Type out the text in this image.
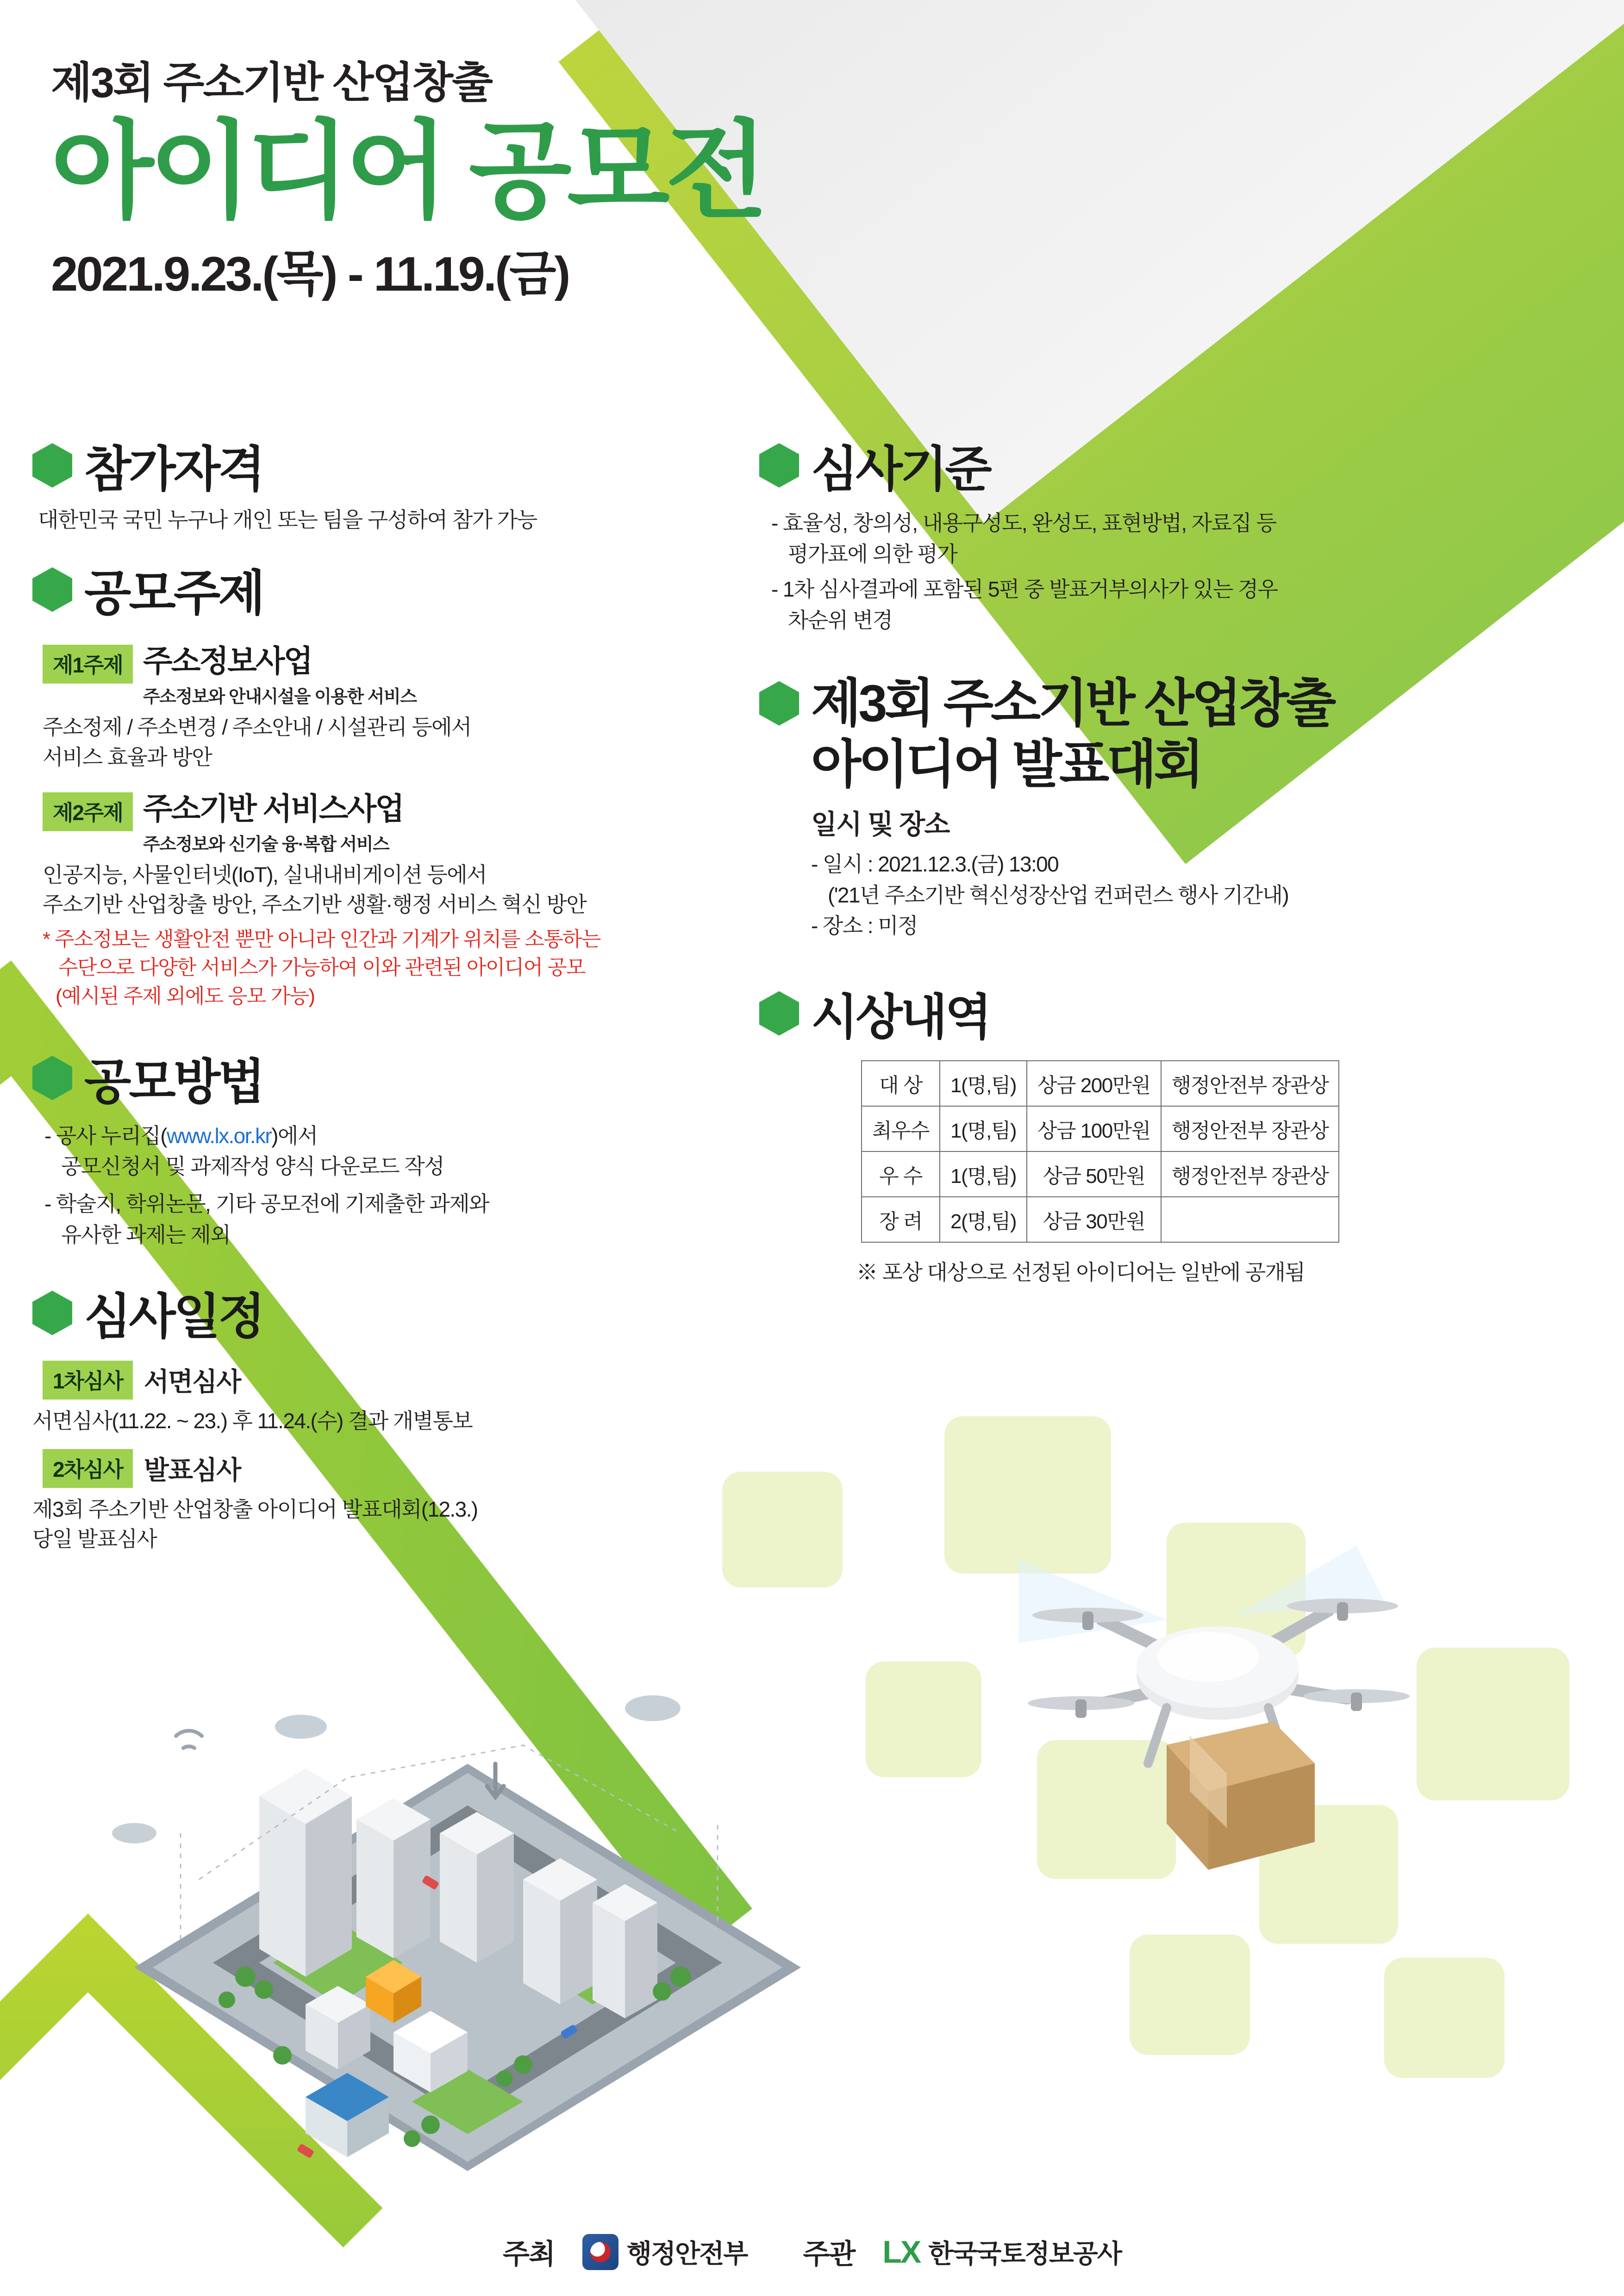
제3회 주소기반 산업창출
아이디어 공모전
2021.9.23.(목) - 11.19.(금)
참가자격
대한민국 국민 누구나 개인 또는 팀을 구성하여 참가 가능
공모주제
제1주제 주소정보사업
주소정보와 안내시설을 이용한 서비스
주소정제 / 주소변경 / 주소안내 / 시설관리 등에서
서비스 효율과 방안
제2주제 주소기반 서비스사업
주소정보와 신기술 융·복합 서비스
인공지능, 사물인터넷(IoT), 실내내비게이션 등에서
주소기반 산업창출 방안, 주소기반 생활·행정 서비스 혁신 방안
* 주소정보는 생활안전 뿐만 아니라 인간과 기계가 위치를 소통하는
수단으로 다양한 서비스가 가능하여 이와 관련된 아이디어 공모
(예시된 주제 외에도 응모 가능)
공모방법
- 공사 누리집(www.lx.or.kr)에서
공모신청서 및 과제작성 양식 다운로드 작성
- 학술지, 학위논문, 기타 공모전에 기제출한 과제와
유사한 과제는 제외
심사일정
1차심사 서면심사
서면심사(11.22. ~ 23.) 후 11.24.(수) 결과 개별통보
2차심사 발표심사
제3회 주소기반 산업창출 아이디어 발표대회(12.3.)
당일 발표심사
심사기준
- 효율성, 창의성, 내용구성도, 완성도, 표현방법, 자료집 등
평가표에 의한 평가
- 1차 심사결과에 포함된 5편 중 발표거부의사가 있는 경우
차순위 변경
제3회 주소기반 산업창출
아이디어 발표대회
일시 및 장소
- 일시 : 2021.12.3.(금) 13:00
('21년 주소기반 혁신성장산업 컨퍼런스 행사 기간내)
- 장소 : 미정
시상내역
대 상	1(명,팀)	상금 200만원	행정안전부 장관상
최우수	1(명,팀)	상금 100만원	행정안전부 장관상
우 수	1(명,팀)	상금 50만원	행정안전부 장관상
장 려	2(명,팀)	상금 30만원	
※ 포상 대상으로 선정된 아이디어는 일반에 공개됨
주최	행정안전부 주관 LX 한국국토정보공사
